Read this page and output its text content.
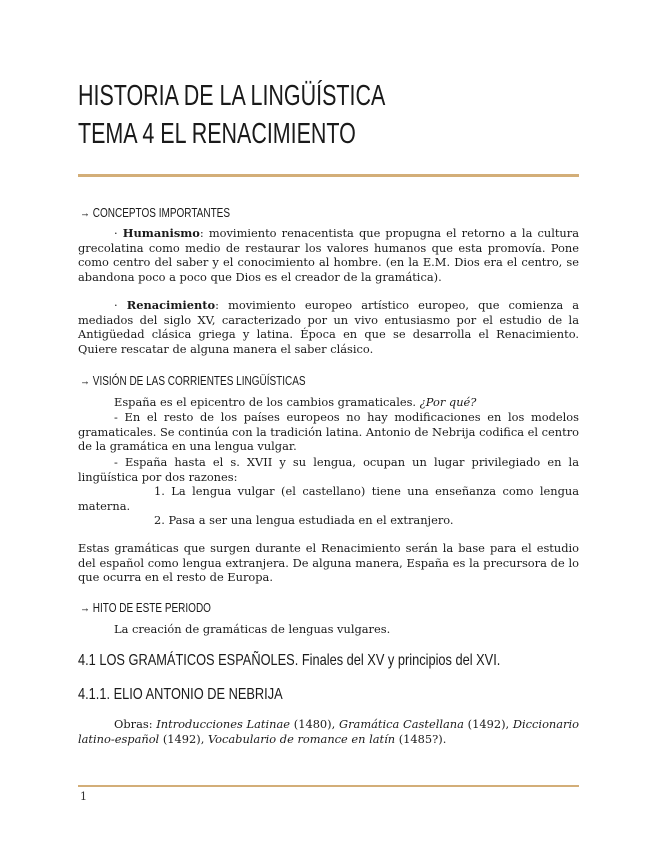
HISTORIA DE LA LINGÜÍSTICA
TEMA 4 EL RENACIMIENTO
→ CONCEPTOS IMPORTANTES
· Humanismo: movimiento renacentista que propugna el retorno a la cultura grecolatina como medio de restaurar los valores humanos que esta promovía. Pone como centro del saber y el conocimiento al hombre. (en la E.M. Dios era el centro, se abandona poco a poco que Dios es el creador de la gramática).
· Renacimiento: movimiento europeo artístico europeo, que comienza a mediados del siglo XV, caracterizado por un vivo entusiasmo por el estudio de la Antigüedad clásica griega y latina. Época en que se desarrolla el Renacimiento. Quiere rescatar de alguna manera el saber clásico.
→ VISIÓN DE LAS CORRIENTES LINGÜÍSTICAS
España es el epicentro de los cambios gramaticales. ¿Por qué?
- En el resto de los países europeos no hay modificaciones en los modelos gramaticales. Se continúa con la tradición latina. Antonio de Nebrija codifica el centro de la gramática en una lengua vulgar.
- España hasta el s. XVII y su lengua, ocupan un lugar privilegiado en la lingüística por dos razones:
1. La lengua vulgar (el castellano) tiene una enseñanza como lengua materna.
2. Pasa a ser una lengua estudiada en el extranjero.
Estas gramáticas que surgen durante el Renacimiento serán la base para el estudio del español como lengua extranjera. De alguna manera, España es la precursora de lo que ocurra en el resto de Europa.
→ HITO DE ESTE PERIODO
La creación de gramáticas de lenguas vulgares.
4.1 LOS GRAMÁTICOS ESPAÑOLES. Finales del XV y principios del XVI.
4.1.1. ELIO ANTONIO DE NEBRIJA
Obras: Introducciones Latinae (1480), Gramática Castellana (1492), Diccionario latino-español (1492), Vocabulario de romance en latín (1485?).
1
